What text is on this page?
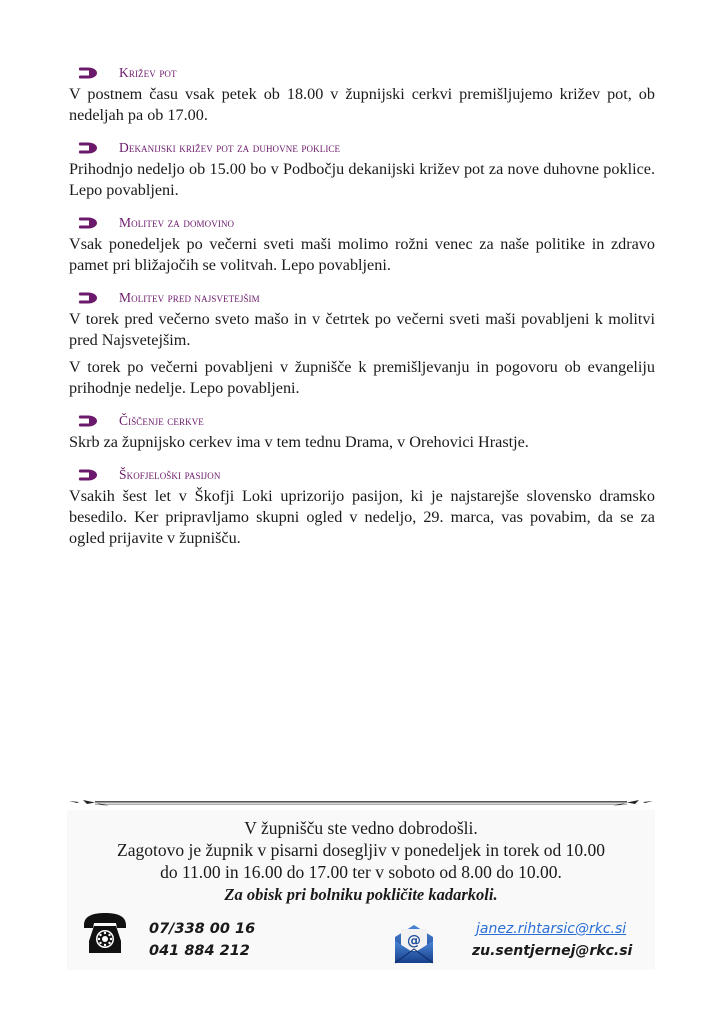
Križev pot

V postnem času vsak petek ob 18.00 v župnijski cerkvi premišljujemo križev pot, ob nedeljah pa ob 17.00.

Dekanijski križev pot za duhovne poklice

Prihodnjo nedeljo ob 15.00 bo v Podbočju dekanijski križev pot za nove duhovne poklice. Lepo povabljeni.

Molitev za domovino

Vsak ponedeljek po večerni sveti maši molimo rožni venec za naše politike in zdravo pamet pri bližajočih se volitvah. Lepo povabljeni.

Molitev pred najsvetejšim

V torek pred večerno sveto mašo in v četrtek po večerni sveti maši povabljeni k molitvi pred Najsvetejšim.

V torek po večerni povabljeni v župnišče k premišljevanju in pogovoru ob evangeliju prihodnje nedelje. Lepo povabljeni.

Čiščenje cerkve

Skrb za župnijsko cerkev ima v tem tednu Drama, v Orehovici Hrastje.

Škofjeloški pasijon

Vsakih šest let v Škofji Loki uprizorijo pasijon, ki je najstarejše slovensko dramsko besedilo. Ker pripravljamo skupni ogled v nedeljo, 29. marca, vas povabim, da se za ogled prijavite v župnišču.

V župnišču ste vedno dobrodošli.
Zagotovo je župnik v pisarni dosegljiv v ponedeljek in torek od 10.00
do 11.00 in 16.00 do 17.00 ter v soboto od 8.00 do 10.00.
Za obisk pri bolniku pokličite kadarkoli.
07/338 00 16
041 884 212
@
janez.rihtarsic@rkc.si
zu.sentjernej@rkc.si
